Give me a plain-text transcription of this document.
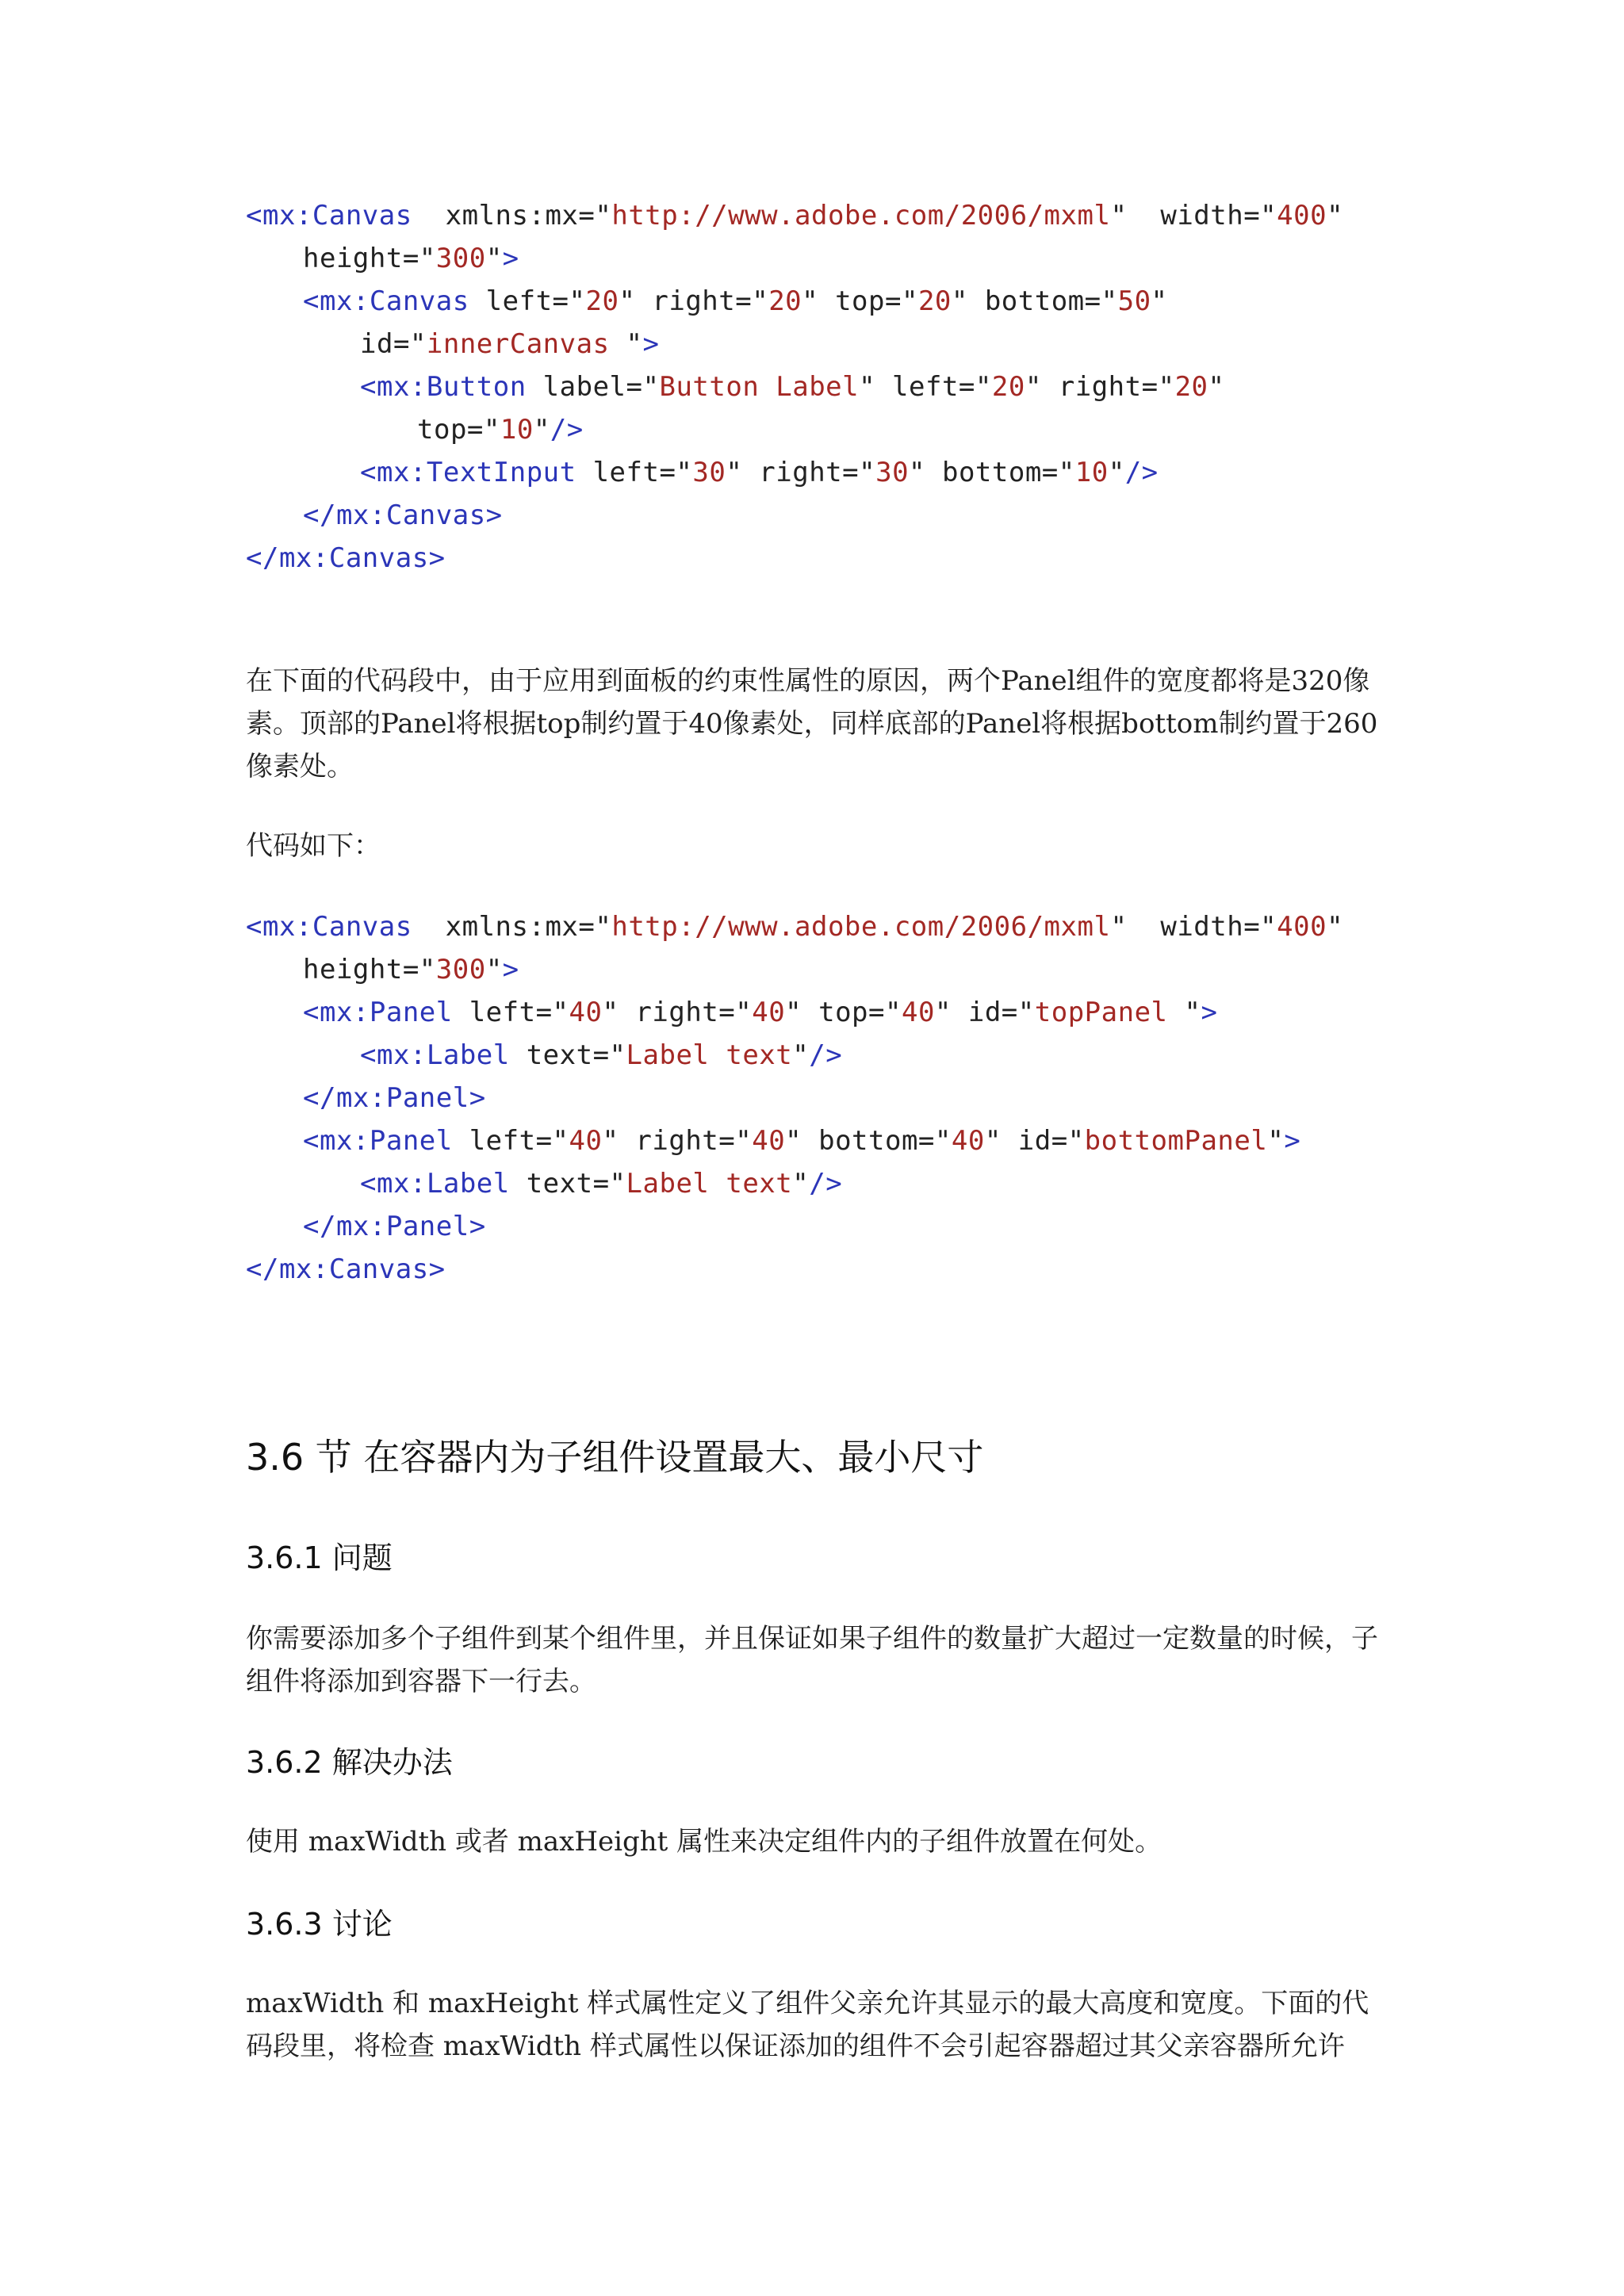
<mx:Canvas  xmlns:mx="http://www.adobe.com/2006/mxml"  width="400"
height="300">
<mx:Canvas left="20" right="20" top="20" bottom="50"
id="innerCanvas ">
<mx:Button label="Button Label" left="20" right="20"
top="10"/>
<mx:TextInput left="30" right="30" bottom="10"/>
</mx:Canvas>
</mx:Canvas>

在下面的代码段中，由于应用到面板的约束性属性的原因，两个Panel组件的宽度都将是320像素。顶部的Panel将根据top制约置于40像素处，同样底部的Panel将根据bottom制约置于260像素处。

代码如下：

<mx:Canvas  xmlns:mx="http://www.adobe.com/2006/mxml"  width="400"
height="300">
<mx:Panel left="40" right="40" top="40" id="topPanel ">
<mx:Label text="Label text"/>
</mx:Panel>
<mx:Panel left="40" right="40" bottom="40" id="bottomPanel">
<mx:Label text="Label text"/>
</mx:Panel>
</mx:Canvas>
3.6 节 在容器内为子组件设置最大、最小尺寸
3.6.1 问题

你需要添加多个子组件到某个组件里，并且保证如果子组件的数量扩大超过一定数量的时候，子组件将添加到容器下一行去。

3.6.2 解决办法

使用 maxWidth 或者 maxHeight 属性来决定组件内的子组件放置在何处。

3.6.3 讨论

maxWidth 和 maxHeight 样式属性定义了组件父亲允许其显示的最大高度和宽度。下面的代码段里，将检查 maxWidth 样式属性以保证添加的组件不会引起容器超过其父亲容器所允许
